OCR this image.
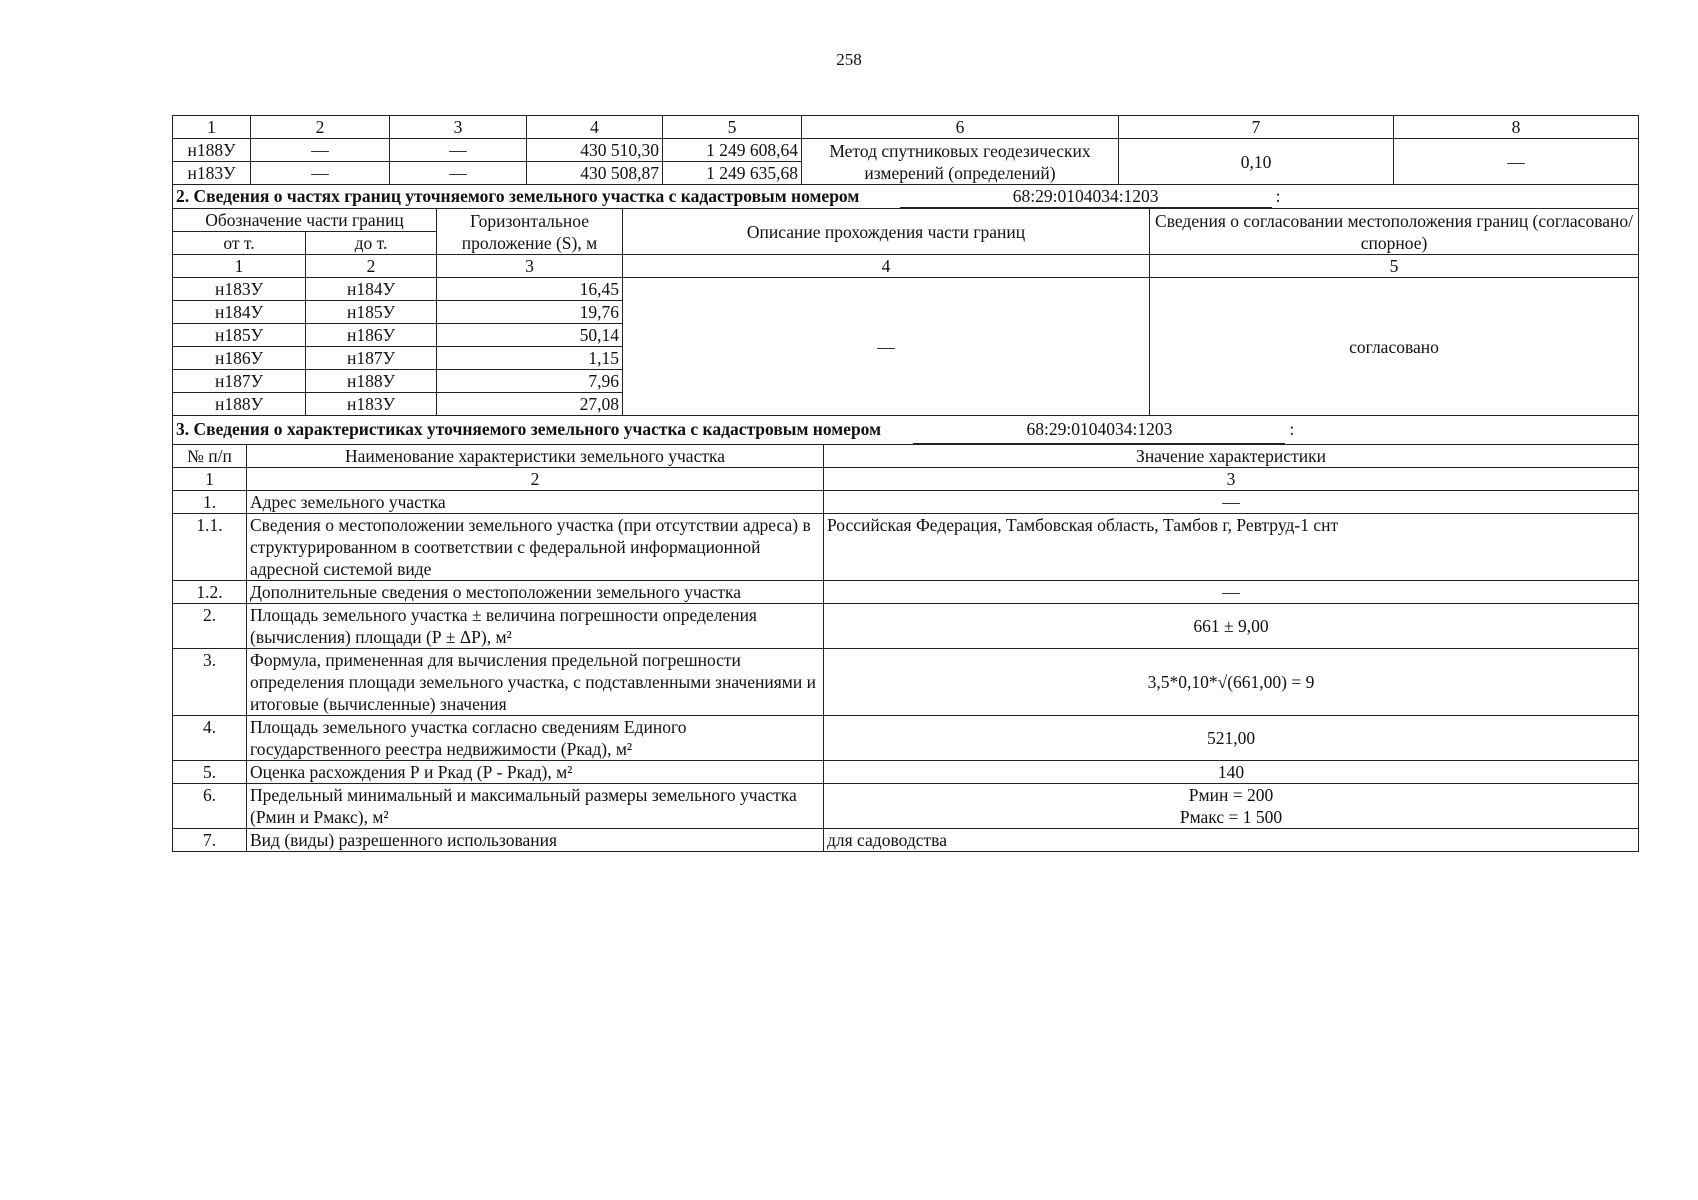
258
1	2	3	4	5	6	7	8
н188У	—	—	430 510,30	1 249 608,64	Метод спутниковых геодезических измерений (определений)	0,10	—
н183У	—	—	430 508,87	1 249 635,68			
2. Сведения о частях границ уточняемого земельного участка с кадастровым номером 68:29:0104034:1203 :				
Обозначение части границ		Горизонтальное проложение (S), м	Описание прохождения части границ	Сведения о согласовании местоположения границ (согласовано/спорное)
от т.	до т.			
1	2	3	4	5
н183У	н184У	16,45	—	согласовано
н184У	н185У	19,76		
н185У	н186У	50,14		
н186У	н187У	1,15		
н187У	н188У	7,96		
н188У	н183У	27,08		
3. Сведения о характеристиках уточняемого земельного участка с кадастровым номером 68:29:0104034:1203 :		
№ п/п	Наименование характеристики земельного участка	Значение характеристики
1	2	3
1.	Адрес земельного участка	—
1.1.	Сведения о местоположении земельного участка (при отсутствии адреса) в структурированном в соответствии с федеральной информационной адресной системой виде	Российская Федерация, Тамбовская область, Тамбов г, Ревтруд-1 снт
1.2.	Дополнительные сведения о местоположении земельного участка	—
2.	Площадь земельного участка ± величина погрешности определения (вычисления) площади (Р ± ΔР), м²	661 ± 9,00
3.	Формула, примененная для вычисления предельной погрешности определения площади земельного участка, с подставленными значениями и итоговые (вычисленные) значения	3,5*0,10*√(661,00) = 9
4.	Площадь земельного участка согласно сведениям Единого государственного реестра недвижимости (Ркад), м²	521,00
5.	Оценка расхождения Р и Ркад (Р - Ркад), м²	140
6.	Предельный минимальный и максимальный размеры земельного участка (Рмин и Рмакс), м²	Рмин = 200
Рмакс = 1 500

7.	Вид (виды) разрешенного использования	для садоводства
